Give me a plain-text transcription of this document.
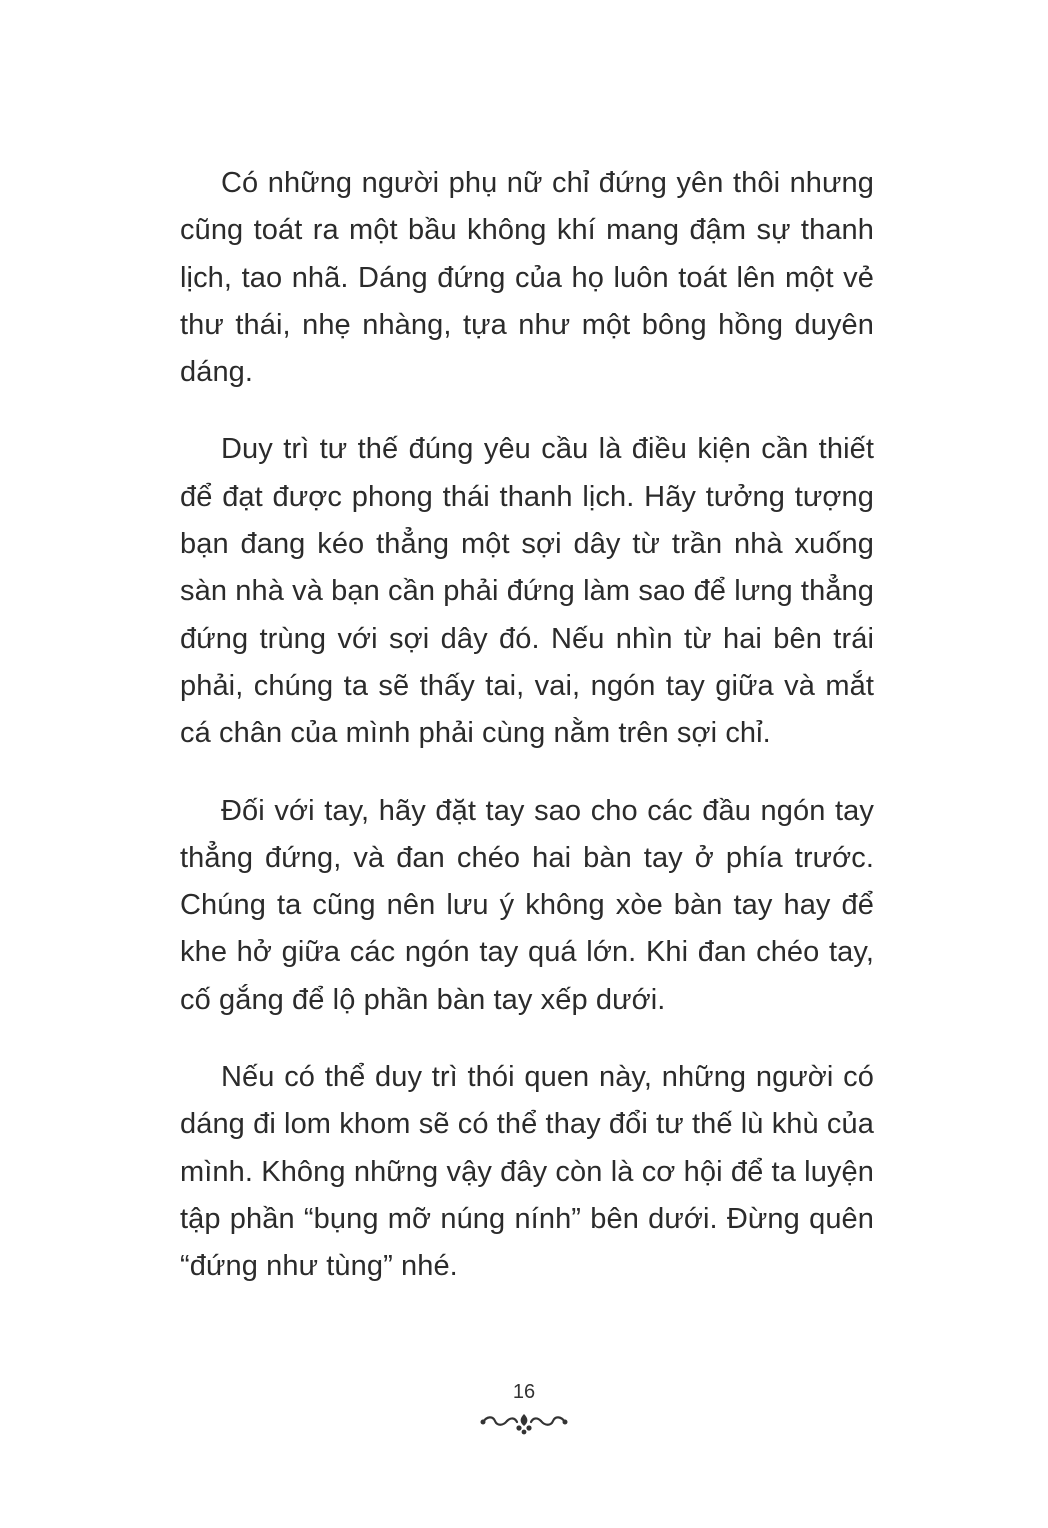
Có những người phụ nữ chỉ đứng yên thôi nhưng cũng toát ra một bầu không khí mang đậm sự thanh lịch, tao nhã. Dáng đứng của họ luôn toát lên một vẻ thư thái, nhẹ nhàng, tựa như một bông hồng duyên dáng.

Duy trì tư thế đúng yêu cầu là điều kiện cần thiết để đạt được phong thái thanh lịch. Hãy tưởng tượng bạn đang kéo thẳng một sợi dây từ trần nhà xuống sàn nhà và bạn cần phải đứng làm sao để lưng thẳng đứng trùng với sợi dây đó. Nếu nhìn từ hai bên trái phải, chúng ta sẽ thấy tai, vai, ngón tay giữa và mắt cá chân của mình phải cùng nằm trên sợi chỉ.

Đối với tay, hãy đặt tay sao cho các đầu ngón tay thẳng đứng, và đan chéo hai bàn tay ở phía trước. Chúng ta cũng nên lưu ý không xòe bàn tay hay để khe hở giữa các ngón tay quá lớn. Khi đan chéo tay, cố gắng để lộ phần bàn tay xếp dưới.

Nếu có thể duy trì thói quen này, những người có dáng đi lom khom sẽ có thể thay đổi tư thế lù khù của mình. Không những vậy đây còn là cơ hội để ta luyện tập phần “bụng mỡ núng nính” bên dưới. Đừng quên “đứng như tùng” nhé.

16
